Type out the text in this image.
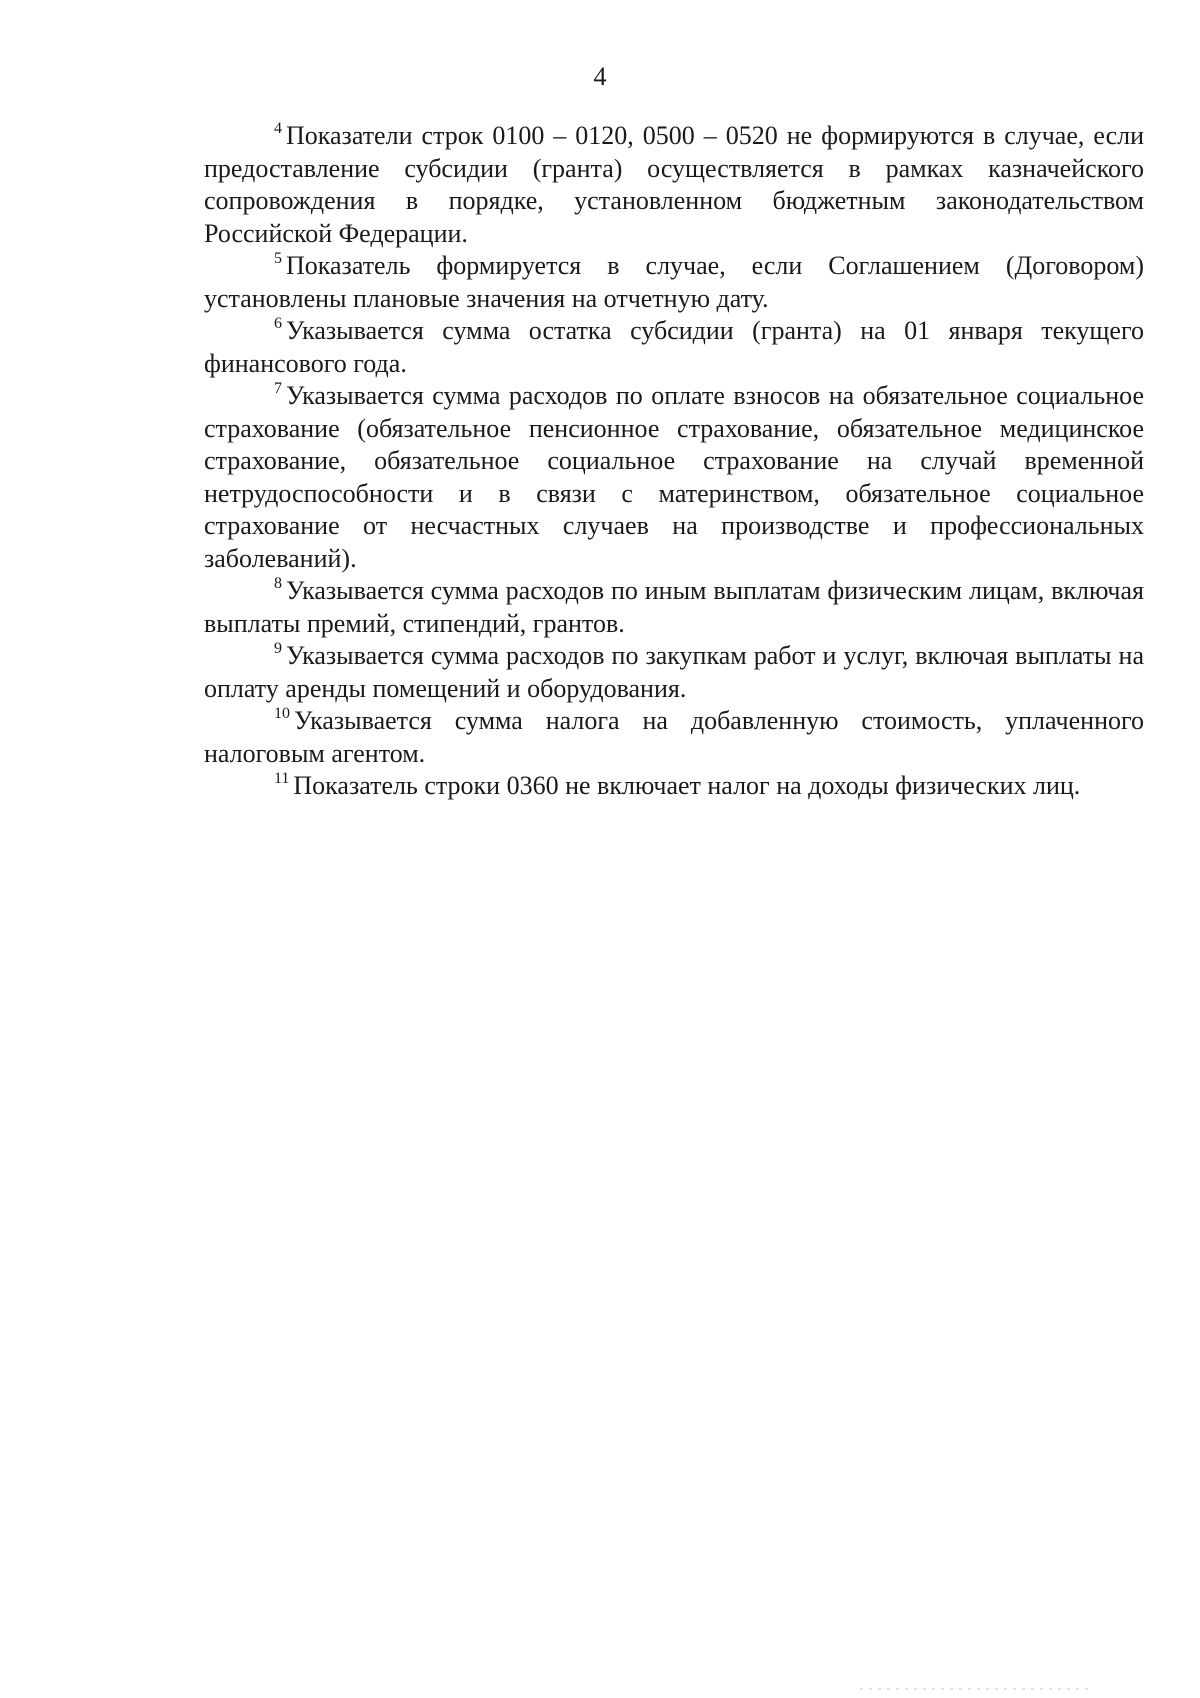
4

$^4$ Показатели строк 0100 – 0120, 0500 – 0520 не формируются в случае, если предоставление субсидии (гранта) осуществляется в рамках казначейского сопровождения в порядке, установленном бюджетным законодательством Российской Федерации.

$^5$ Показатель формируется в случае, если Соглашением (Договором) установлены плановые значения на отчетную дату.

$^6$ Указывается сумма остатка субсидии (гранта) на 01 января текущего финансового года.

$^7$ Указывается сумма расходов по оплате взносов на обязательное социальное страхование (обязательное пенсионное страхование, обязательное медицинское страхование, обязательное социальное страхование на случай временной нетрудоспособности и в связи с материнством, обязательное социальное страхование от несчастных случаев на производстве и профессиональных заболеваний).

$^8$ Указывается сумма расходов по иным выплатам физическим лицам, включая выплаты премий, стипендий, грантов.

$^9$ Указывается сумма расходов по закупкам работ и услуг, включая выплаты на оплату аренды помещений и оборудования.

$^{10}$ Указывается сумма налога на добавленную стоимость, уплаченного налоговым агентом.

$^{11}$ Показатель строки 0360 не включает налог на доходы физических лиц.
